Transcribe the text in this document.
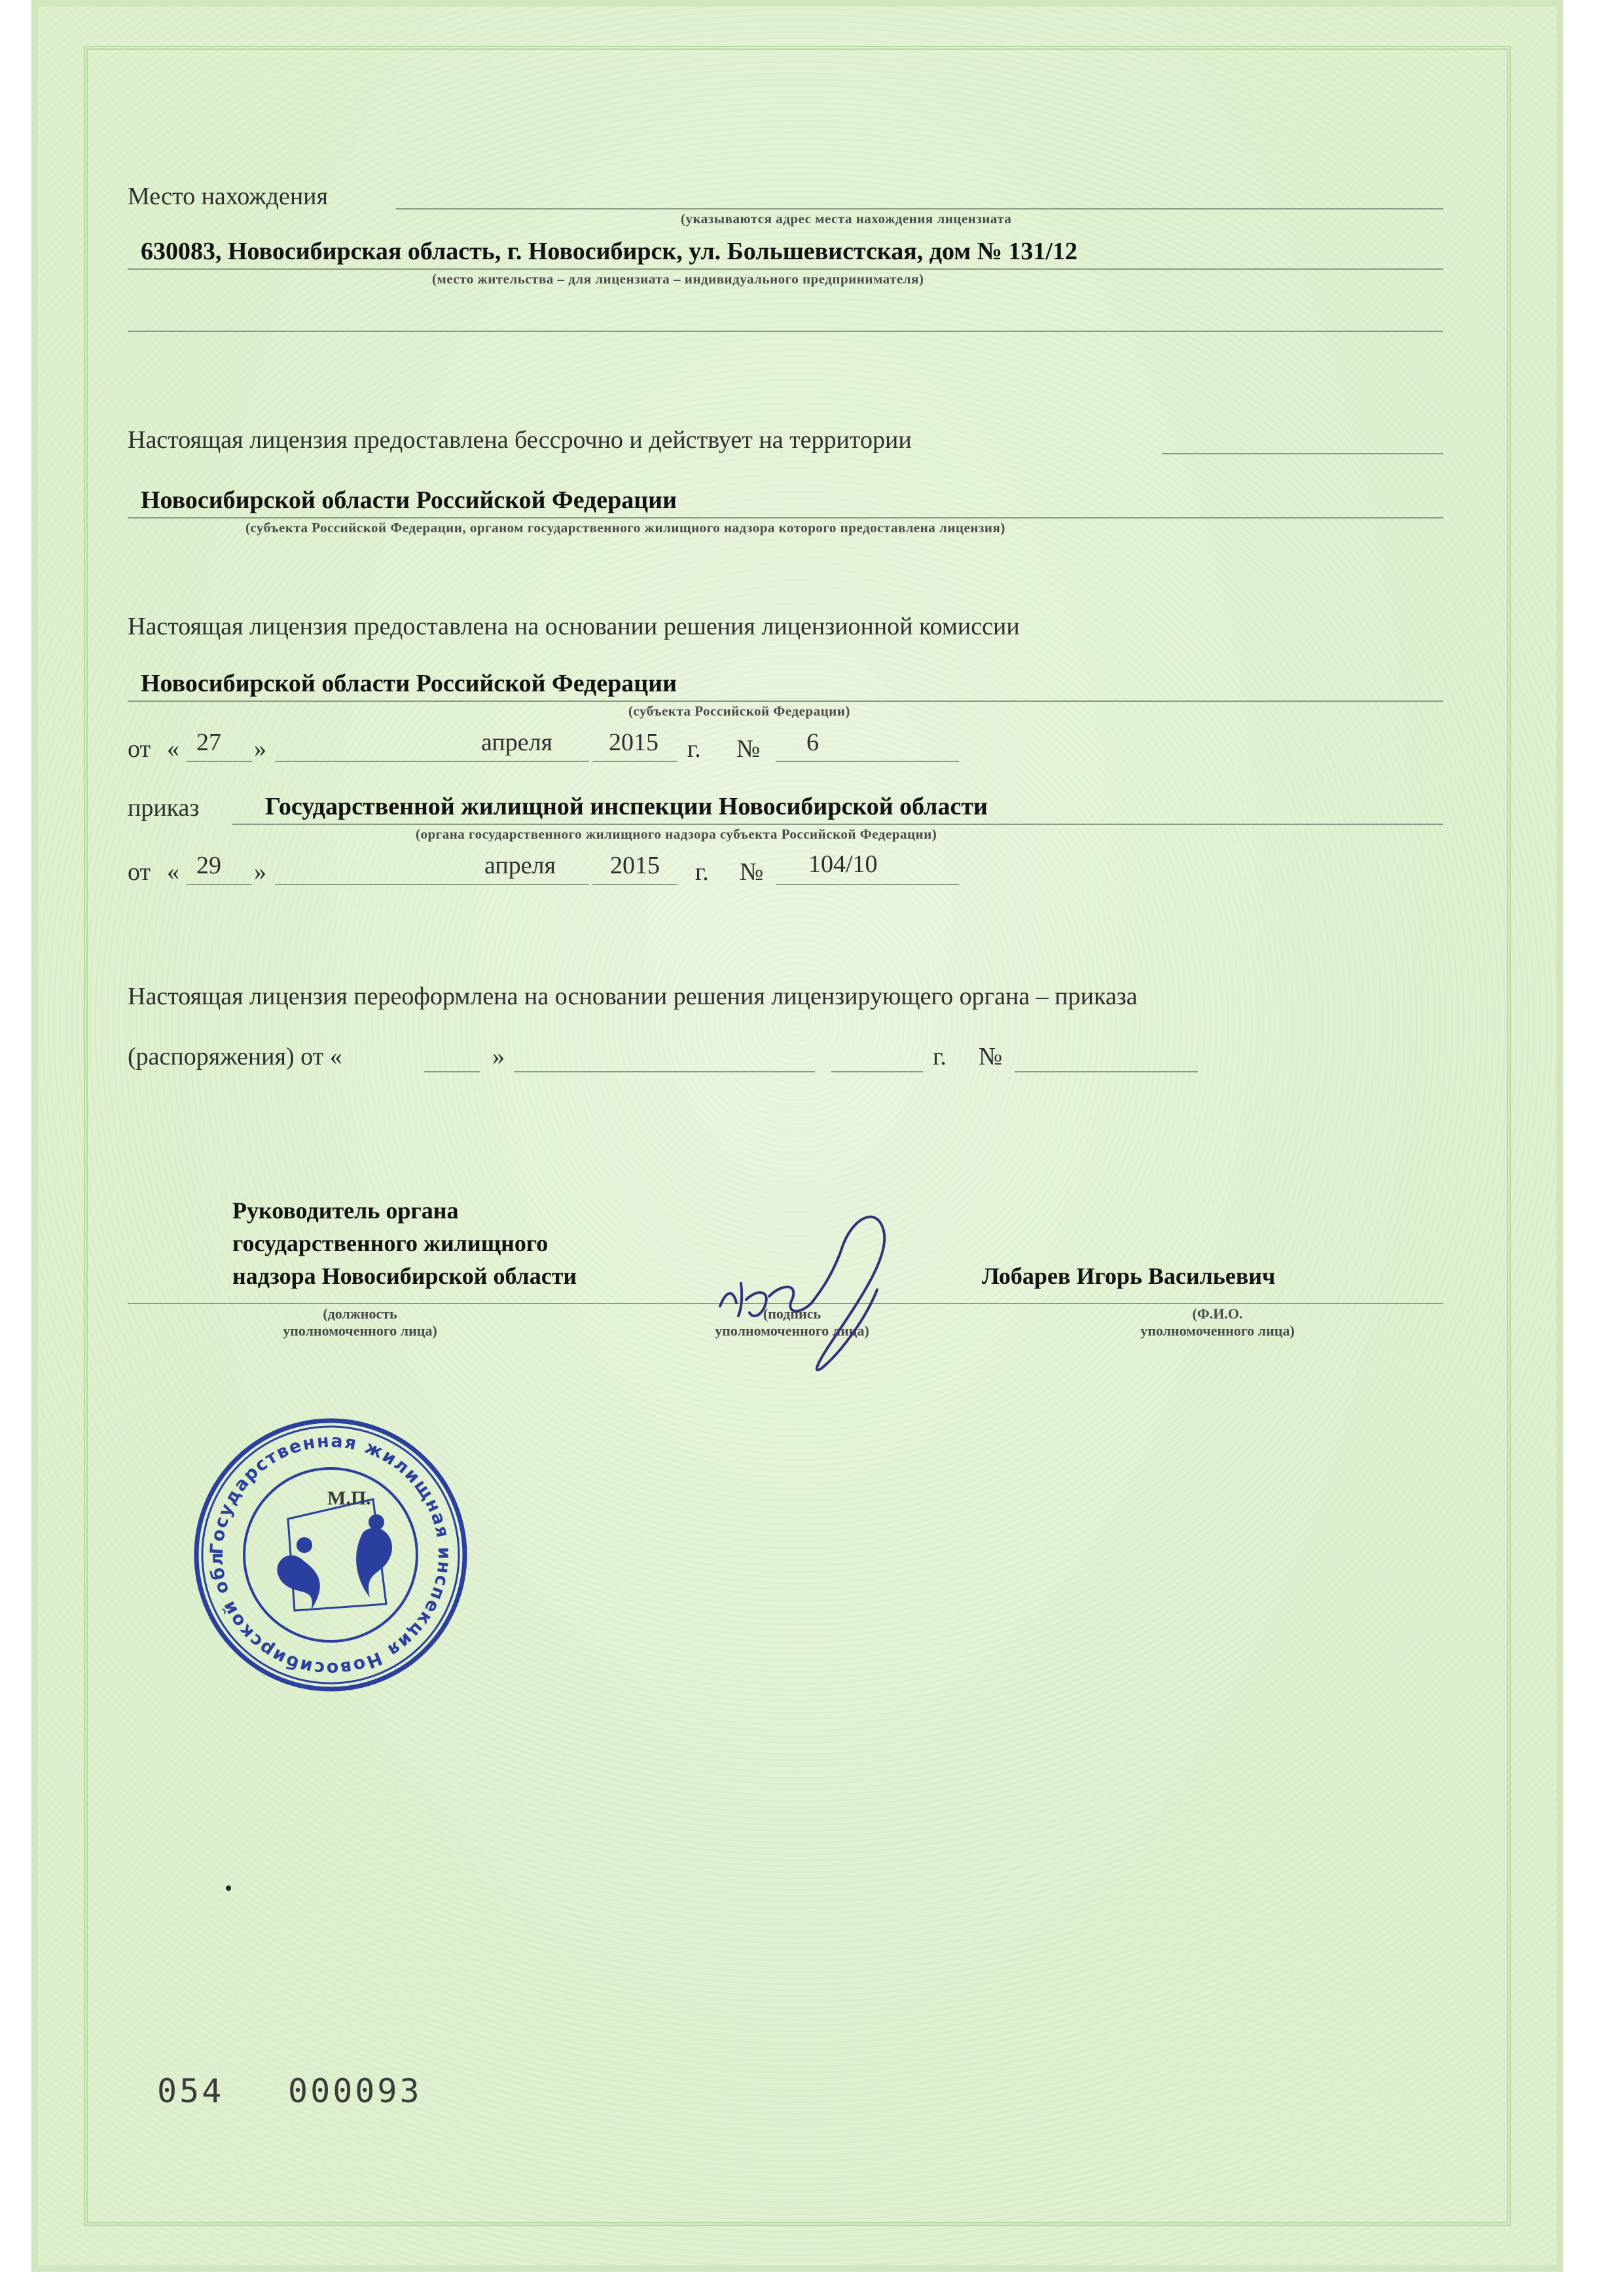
Место нахождения
(указываются адрес места нахождения лицензиата
630083, Новосибирская область, г. Новосибирск, ул. Большевистская, дом № 131/12
(место жительства – для лицензиата – индивидуального предпринимателя)
Настоящая лицензия предоставлена бессрочно и действует на территории
Новосибирской области Российской Федерации
(субъекта Российской Федерации, органом государственного жилищного надзора которого предоставлена лицензия)
Настоящая лицензия предоставлена на основании решения лицензионной комиссии
Новосибирской области Российской Федерации
(субъекта Российской Федерации)
от « 27 »	апреля 2015 г. № 6
приказ	Государственной жилищной инспекции Новосибирской области
(органа государственного жилищного надзора субъекта Российской Федерации)
от « 29 »	апреля 2015 г. № 104/10
Настоящая лицензия переоформлена на основании решения лицензирующего органа – приказа
(распоряжения) от «	»	г. №
Руководитель органа
государственного жилищного
надзора Новосибирской области	Лобарев Игорь Васильевич
(должность
уполномоченного лица)
(подпись
уполномоченного лица)
(Ф.И.О.
уполномоченного лица)
Государственная жилищная инспекция Новосибирской обл
М.П.
054 000093
